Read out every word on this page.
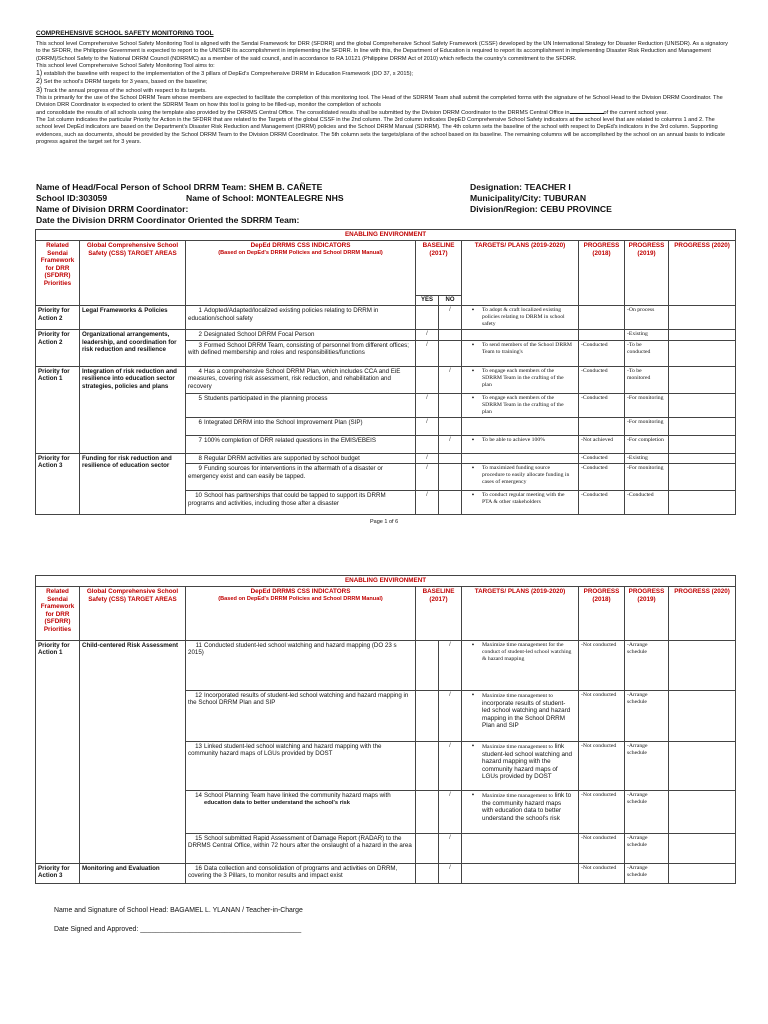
COMPREHENSIVE SCHOOL SAFETY MONITORING TOOL

This school level Comprehensive School Safety Monitoring Tool is aligned with the Sendai Framework for DRR (SFDRR) and the global Comprehensive School Safety Framework (CSSF) developed by the UN International Strategy for Disaster Reduction (UNISDR). As a signatory to the SFDRR, the Philippine Government is expected to report to the UNISDR its accomplishment in implementing the SFDRR. In line with this, the Department of Education is required to report its accomplishment in implementing Disaster Risk Reduction and Management (DRRM)/School Safety to the National DRRM Council (NDRRMC) as a member of the said council, and in accordance to RA 10121 (Philippine DRRM Act of 2010) which reflects the country's commitment to the SFDRR.

This school level Comprehensive School Safety Monitoring Tool aims to:

1) establish the baseline with respect to the implementation of the 3 pillars of DepEd's Comprehensive DRRM in Education Framework (DO 37, s 2015);

2) Set the school's DRRM targets for 3 years, based on the baseline;

3) Track the annual progress of the school with respect to its targets.

This is primarily for the use of the School DRRM Team whose members are expected to facilitate the completion of this monitoring tool. The Head of the SDRRM Team shall submit the completed forms with the signature of he School Head to the Division DRRM Coordinator. The Division DRR Coordinator is expected to orient the SDRRM Team on how this tool is going to be filled-up, monitor the completion of schools
and consolidate the results of all schools using the template also provided by the DRRMS Central Office. The consolidated results shall be submitted by the Division DRRM Coordinator to the DRRMS Central Office in	of the current school year.

The 1st column indicates the particular Priority for Action in the SFDRR that are related to the Targets of the global CSSF in the 2nd column. The 3rd column indicates DepED Comprehensive School Safety indicators at the school level that are related to columns 1 and 2. The school level DepEd indicators are based on the Department's Disaster Risk Reduction and Management (DRRM) policies and the School DRRM Manual (SDRRM). The 4th column sets the baseline of the school with respect to DepEd's indicators in the 3rd column. Supporting evidences, such as documents, should be provided by the School DRRM Team to the Division DRRM Coordinator. The 5th column sets the targets/plans of the school based on its baseline. The remaining columns will be accomplished by the school on an annual basis to indicate progress against the target set for 3 years.

Name of Head/Focal Person of School DRRM Team: SHEM B. CAÑETE	Designation: TEACHER I
School ID:303059	Name of School: MONTEALEGRE NHS	Municipality/City: TUBURAN
Name of Division DRRM Coordinator:	Division/Region: CEBU PROVINCE
Date the Division DRRM Coordinator Oriented the SDRRM Team:
ENABLING ENVIRONMENT								
Related Sendai Framework for DRR (SFDRR) Priorities	Global Comprehensive School Safety (CSS) TARGET AREAS	DepEd DRRMS CSS INDICATORS
(Based on DepEd's DRRM Policies and School DRRM Manual)	BASELINE (2017)		TARGETS/ PLANS (2019-2020)	PROGRESS (2018)	PROGRESS (2019)	PROGRESS (2020)
			YES	NO				
Priority for Action 2	Legal Frameworks & Policies	1 Adopted/Adapted/localized existing policies relating to DRRM in education/school safety		/	• To adopt & craft localized existing policies relating to DRRM in school safety		-On process	
Priority for Action 2	Organizational arrangements, leadership, and coordination for risk reduction and resilience	2 Designated School DRRM Focal Person	/				-Existing	
		3 Formed School DRRM Team, consisting of personnel from different offices; with defined membership and roles and responsibilities/functions	/		• To send members of the School DRRM Team to training's	-Conducted	-To be conducted	
Priority for Action 1	Integration of risk reduction and resilience into education sector strategies, policies and plans	4 Has a comprehensive School DRRM Plan, which includes CCA and EiE measures, covering risk assessment, risk reduction, and rehabilitation and recovery		/	• To engage each members of the SDRRM Team in the crafting of the plan	-Conducted	-To be monitored	
		5 Students participated in the planning process	/		• To engage each members of the SDRRM Team in the crafting of the plan	-Conducted	-For monitoring	
		6 Integrated DRRM into the School Improvement Plan (SIP)	/				-For monitoring	
		7 100% completion of DRR related questions in the EMIS/EBEIS		/	• To be able to achieve 100%	-Not achieved	-For completion	
Priority for Action 3	Funding for risk reduction and resilience of education sector	8 Regular DRRM activities are supported by school budget	/			-Conducted	-Existing	
		9 Funding sources for interventions in the aftermath of a disaster or emergency exist and can easily be tapped.	/		• To maximized funding source procedure to easily allocate funding in cases of emergency	-Conducted	-For monitoring	
		10 School has partnerships that could be tapped to support its DRRM programs and activities, including those after a disaster	/		• To conduct regular meeting with the PTA & other stakeholders	-Conducted	-Conducted	
Page 1 of 6
ENABLING ENVIRONMENT								
Related Sendai Framework for DRR (SFDRR) Priorities	Global Comprehensive School Safety (CSS) TARGET AREAS	DepEd DRRMS CSS INDICATORS
(Based on DepEd's DRRM Policies and School DRRM Manual)	BASELINE (2017)		TARGETS/ PLANS (2019-2020)	PROGRESS (2018)	PROGRESS (2019)	PROGRESS (2020)
Priority for Action 1	Child-centered Risk Assessment	11 Conducted student-led school watching and hazard mapping (DO 23 s 2015)		/	• Maximize time management for the conduct of student-led school watching & hazard mapping	-Not conducted	-Arrange schedule	
		12 Incorporated results of student-led school watching and hazard mapping in the School DRRM Plan and SIP		/	• Maximize time management to incorporate results of student-led school watching and hazard mapping in the School DRRM Plan and SIP	-Not conducted	-Arrange schedule	
		13 Linked student-led school watching and hazard mapping with the community hazard maps of LGUs provided by DOST		/	• Maximize time management to link student-led school watching and hazard mapping with the community hazard maps of LGUs provided by DOST	-Not conducted	-Arrange schedule	
		14 School Planning Team have linked the community hazard maps with
education data to better understand the school's risk		/	• Maximize time management to link to the community hazard maps with education data to better understand the school's risk	-Not conducted	-Arrange schedule	
		15 School submitted Rapid Assessment of Damage Report (RADAR) to the DRRMS Central Office, within 72 hours after the onslaught of a hazard in the area		/		-Not conducted	-Arrange schedule	
Priority for Action 3	Monitoring and Evaluation	16 Data collection and consolidation of programs and activities on DRRM, covering the 3 Pillars, to monitor results and impact exist		/		-Not conducted	-Arrange schedule	
Name and Signature of School Head: BAGAMEL L. YLANAN / Teacher-in-Charge
Date Signed and Approved: __________________________________________
